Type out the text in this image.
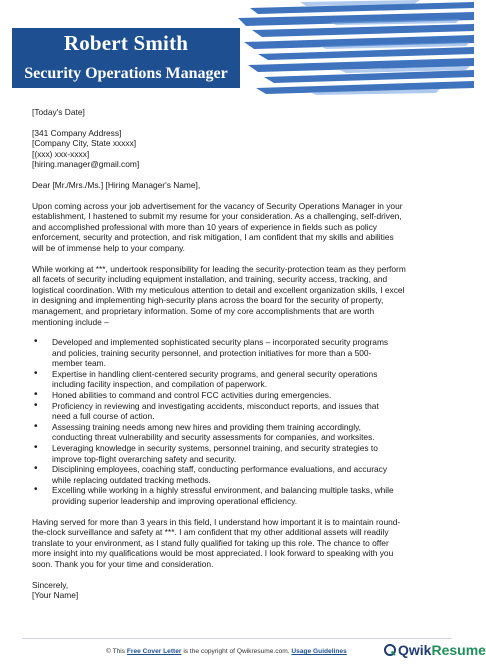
Robert Smith
Security Operations Manager

[Today's Date]

[341 Company Address]

[Company City, State xxxxx]

[(xxx) xxx-xxxx]

[hiring.manager@gmail.com]

Dear [Mr./Mrs./Ms.] [Hiring Manager's Name],

Upon coming across your job advertisement for the vacancy of Security Operations Manager in your

establishment, I hastened to submit my resume for your consideration. As a challenging, self-driven,

and accomplished professional with more than 10 years of experience in fields such as policy

enforcement, security and protection, and risk mitigation, I am confident that my skills and abilities

will be of immense help to your company.

While working at ***, undertook responsibility for leading the security-protection team as they perform

all facets of security including equipment installation, and training, security access, tracking, and

logistical coordination. With my meticulous attention to detail and excellent organization skills, I excel

in designing and implementing high-security plans across the board for the security of property,

management, and proprietary information. Some of my core accomplishments that are worth

mentioning include –

• Developed and implemented sophisticated security plans – incorporated security programs

and policies, training security personnel, and protection initiatives for more than a 500-

member team.

• Expertise in handling client-centered security programs, and general security operations

including facility inspection, and compilation of paperwork.

• Honed abilities to command and control FCC activities during emergencies.

• Proficiency in reviewing and investigating accidents, misconduct reports, and issues that

need a full course of action.

• Assessing training needs among new hires and providing them training accordingly,

conducting threat vulnerability and security assessments for companies, and worksites.

• Leveraging knowledge in security systems, personnel training, and security strategies to

improve top-flight overarching safety and security.

• Disciplining employees, coaching staff, conducting performance evaluations, and accuracy

while replacing outdated tracking methods.

• Excelling while working in a highly stressful environment, and balancing multiple tasks, while

providing superior leadership and improving operational efficiency.

Having served for more than 3 years in this field, I understand how important it is to maintain round-

the-clock surveillance and safety at ***. I am confident that my other additional assets will readily

translate to your environment, as I stand fully qualified for taking up this role. The chance to offer

more insight into my qualifications would be most appreciated. I look forward to speaking with you

soon. Thank you for your time and consideration.

Sincerely,

[Your Name]

© This Free Cover Letter is the copyright of Qwikresume.com. Usage Guidelines	QwikResume
